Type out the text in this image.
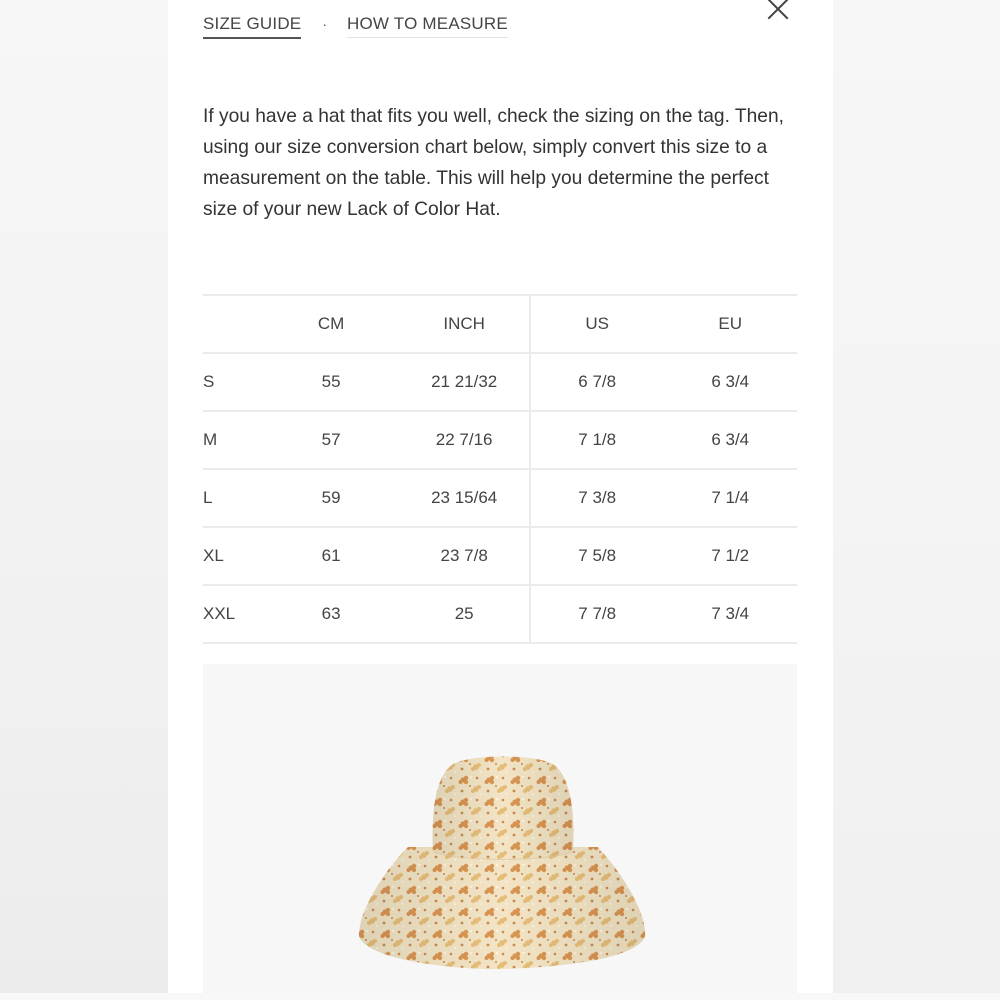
SIZE GUIDE · HOW TO MEASURE

If you have a hat that fits you well, check the sizing on the tag. Then, using our size conversion chart below, simply convert this size to a measurement on the table. This will help you determine the perfect size of your new Lack of Color Hat.

	CM	INCH	US	EU
S	55	21 21/32	6 7/8	6 3/4
M	57	22 7/16	7 1/8	6 3/4
L	59	23 15/64	7 3/8	7 1/4
XL	61	23 7/8	7 5/8	7 1/2
XXL	63	25	7 7/8	7 3/4
